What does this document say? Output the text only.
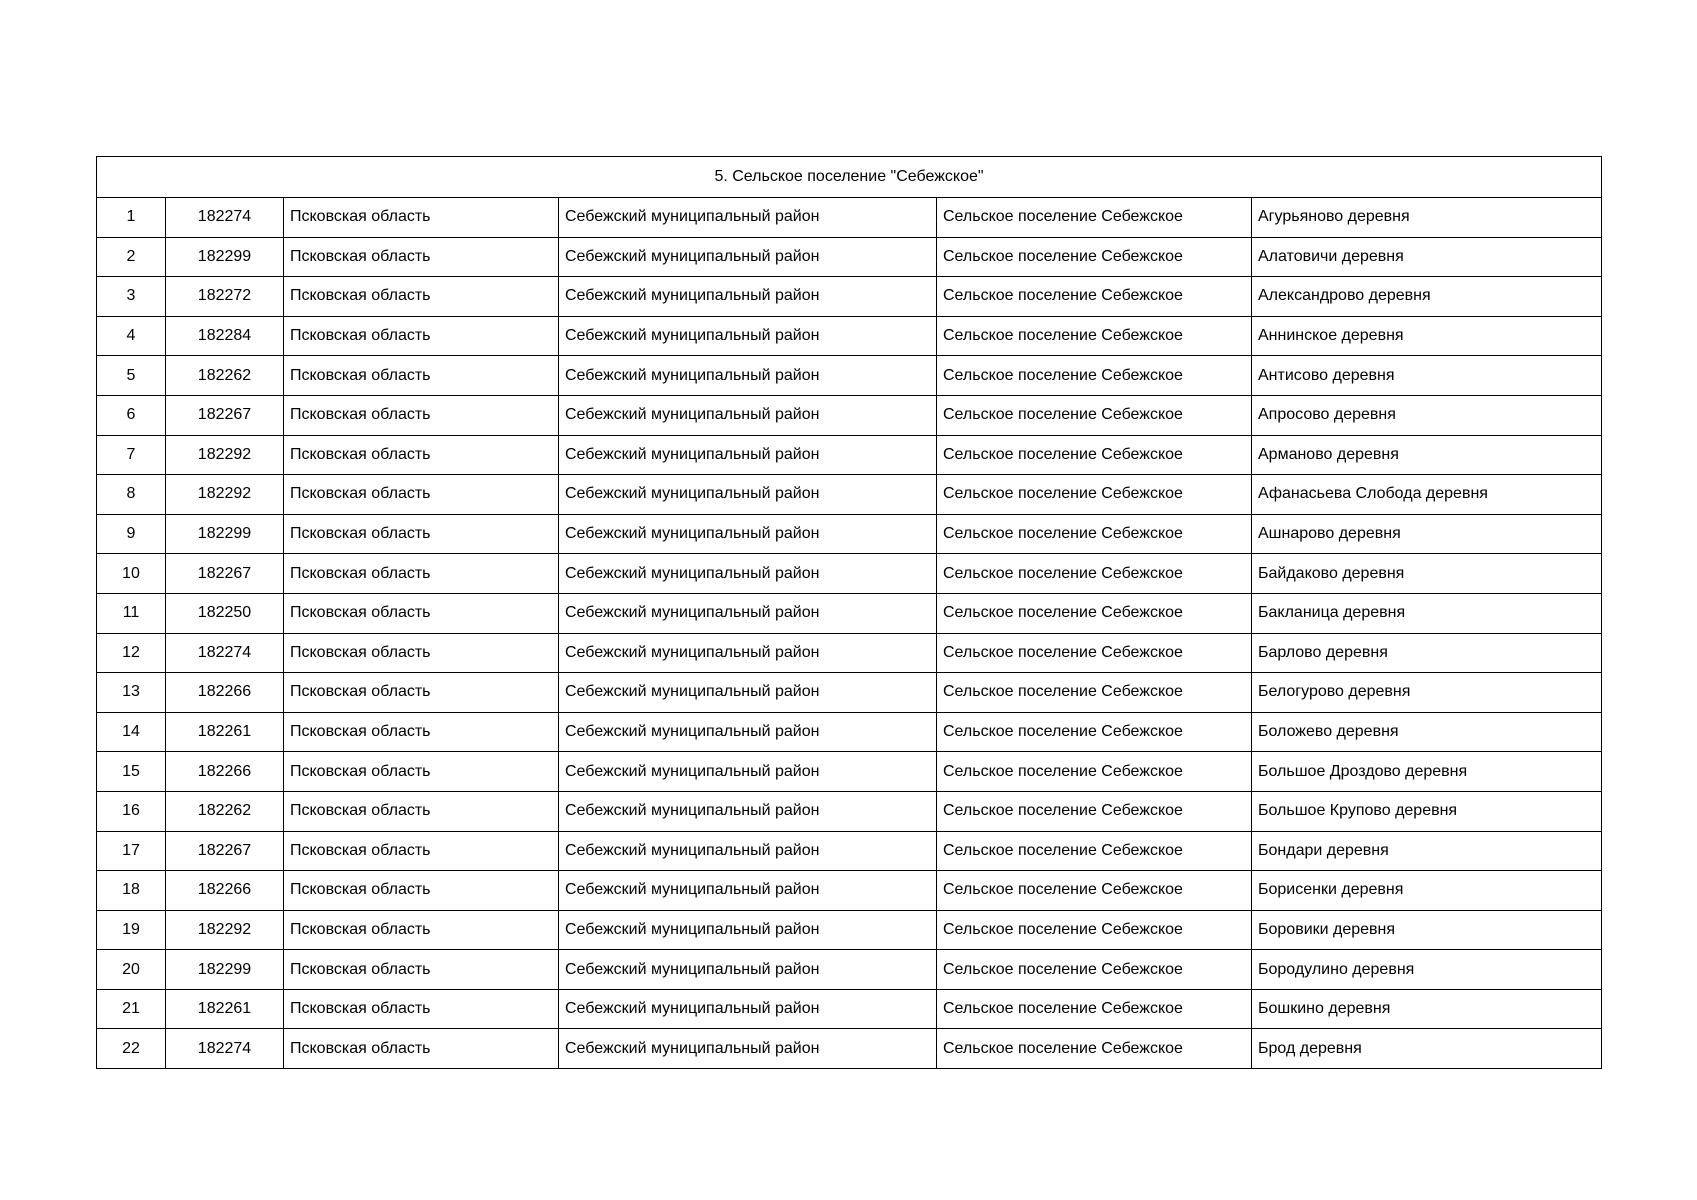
5. Сельское поселение "Себежское"					
1	182274	Псковская область	Себежский муниципальный район	Сельское поселение Себежское	Агурьяново деревня
2	182299	Псковская область	Себежский муниципальный район	Сельское поселение Себежское	Алатовичи деревня
3	182272	Псковская область	Себежский муниципальный район	Сельское поселение Себежское	Александрово деревня
4	182284	Псковская область	Себежский муниципальный район	Сельское поселение Себежское	Аннинское деревня
5	182262	Псковская область	Себежский муниципальный район	Сельское поселение Себежское	Антисово деревня
6	182267	Псковская область	Себежский муниципальный район	Сельское поселение Себежское	Апросово деревня
7	182292	Псковская область	Себежский муниципальный район	Сельское поселение Себежское	Арманово деревня
8	182292	Псковская область	Себежский муниципальный район	Сельское поселение Себежское	Афанасьева Слобода деревня
9	182299	Псковская область	Себежский муниципальный район	Сельское поселение Себежское	Ашнарово деревня
10	182267	Псковская область	Себежский муниципальный район	Сельское поселение Себежское	Байдаково деревня
11	182250	Псковская область	Себежский муниципальный район	Сельское поселение Себежское	Бакланица деревня
12	182274	Псковская область	Себежский муниципальный район	Сельское поселение Себежское	Барлово деревня
13	182266	Псковская область	Себежский муниципальный район	Сельское поселение Себежское	Белогурово деревня
14	182261	Псковская область	Себежский муниципальный район	Сельское поселение Себежское	Боложево деревня
15	182266	Псковская область	Себежский муниципальный район	Сельское поселение Себежское	Большое Дроздово деревня
16	182262	Псковская область	Себежский муниципальный район	Сельское поселение Себежское	Большое Крупово деревня
17	182267	Псковская область	Себежский муниципальный район	Сельское поселение Себежское	Бондари деревня
18	182266	Псковская область	Себежский муниципальный район	Сельское поселение Себежское	Борисенки деревня
19	182292	Псковская область	Себежский муниципальный район	Сельское поселение Себежское	Боровики деревня
20	182299	Псковская область	Себежский муниципальный район	Сельское поселение Себежское	Бородулино деревня
21	182261	Псковская область	Себежский муниципальный район	Сельское поселение Себежское	Бошкино деревня
22	182274	Псковская область	Себежский муниципальный район	Сельское поселение Себежское	Брод деревня
